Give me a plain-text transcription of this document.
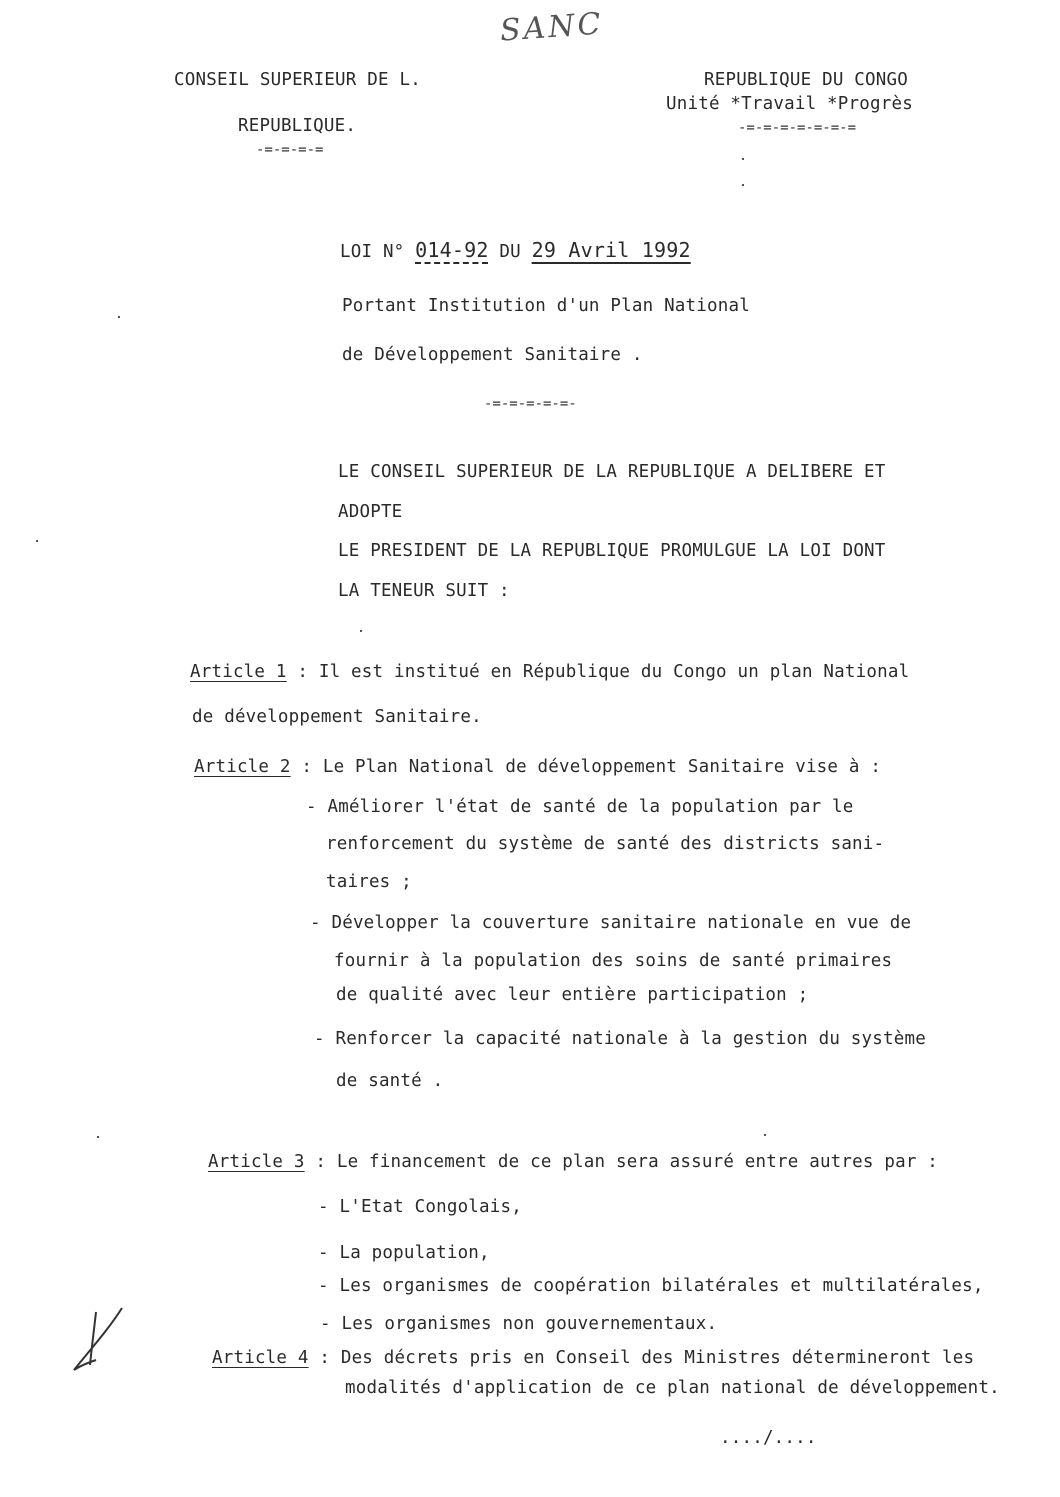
SANC
CONSEIL SUPERIEUR DE L.
REPUBLIQUE.
-=-=-=-=
REPUBLIQUE DU CONGO
Unité *Travail *Progrès
-=-=-=-=-=-=-=
LOI N° 014-92 DU 29 Avril 1992
Portant Institution d'un Plan National
de Développement Sanitaire .
-=-=-=-=-=-
LE CONSEIL SUPERIEUR DE LA REPUBLIQUE A DELIBERE ET
ADOPTE
LE PRESIDENT DE LA REPUBLIQUE PROMULGUE LA LOI DONT
LA TENEUR SUIT :
Article 1 : Il est institué en République du Congo un plan National
de développement Sanitaire.
Article 2 : Le Plan National de développement Sanitaire vise à :
- Améliorer l'état de santé de la population par le
renforcement du système de santé des districts sani-
taires ;
- Développer la couverture sanitaire nationale en vue de
fournir à la population des soins de santé primaires
de qualité avec leur entière participation ;
- Renforcer la capacité nationale à la gestion du système
de santé .
Article 3 : Le financement de ce plan sera assuré entre autres par :
- L'Etat Congolais,
- La population,
- Les organismes de coopération bilatérales et multilatérales,
- Les organismes non gouvernementaux.
Article 4 : Des décrets pris en Conseil des Ministres détermineront les
modalités d'application de ce plan national de développement.
..../....
